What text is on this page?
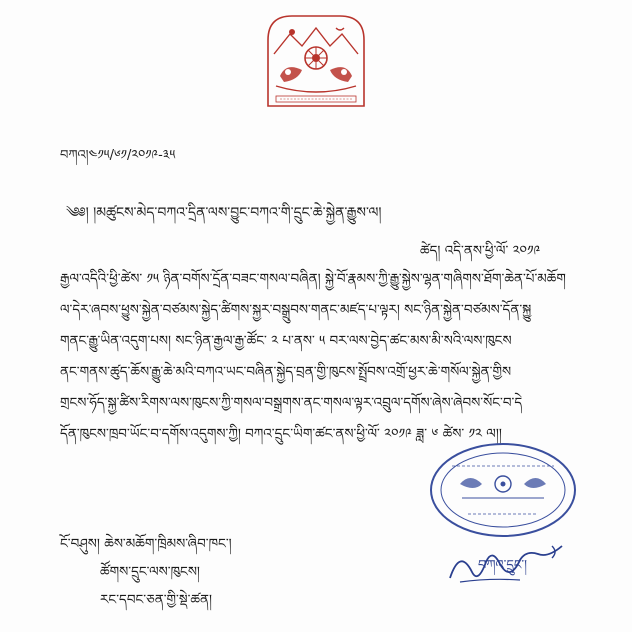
བཀའ།༤༡༥/༦༡/༢༠༡༩-༣༥
༄༅། །མཚུངས་མེད་བཀའ་དྲིན་ལས་བྱུང་བཀའ་གི་དྲུང་ཆེ་སྐྱེན་རྒྱུས་ལ།
ཚེད། འདི་ནས་ཕྱི་ལོ་ ༢༠༡༩
རྒྱལ་འདིའི་ཕྱི་ཚེས་ ༡༥ ཉིན་བགོས་དྲོན་བཟང་གསལ་བཞིན། སྐྱེ་བོ་རྣམས་ཀྱི་རྒྱུ་སྐྱེས་ལྷན་གཞིགས་ཐོག་ཆེན་པོ་མཆོག
ལ་དེར་ཞབས་ཕྱུས་སྐྱེན་བཙམས་སྐྱེད་ཚིགས་སྐྱར་བསྒྲུབས་གནང་མཛད་པ་ལྟར། སང་ཉིན་སྐྱེན་བཙམས་དོན་སྐྱུ
གནང་རྒྱུ་ཡིན་འདུག་པས། སང་ཉིན་རྒྱལ་རྒྱ་ཚོང་ ༢ པ་ནས་ ༥ བར་ལས་བྱེད་ཚང་མས་མི་སའི་ལས་ཁུངས
ནང་གནས་ཚུད་ཆོས་རྒྱུ་ཆེ་མའི་བཀའ་ཡང་བཞིན་སྐྱེད་བྲན་གྱི་ཁུངས་སྤྲོབས་འགྲོ་ཕྱར་ཆེ་གསོལ་སྐྱེན་གྱིས
གྲངས་ཧོད་སྐྱ་ཚིས་རིགས་ལས་ཁུངས་ཀྱི་གསལ་བསྒྲགས་ནང་གསལ་ལྟར་འབྲུལ་དགོས་ཞེས་ཞེབས་སོང་བ་དེ
དོན་ཁུངས་ཁྲབ་ཡོང་བ་དགོས་འདུགས་ཀྱི། བཀའ་དྲུང་ཡིག་ཚང་ནས་ཕྱི་ལོ་ ༢༠༡༩ ཟླ་ ༦ ཚེས་ ༡༢ ལ།།
བཀའ་དྲུང་།
ངོ་བཤུས། ཆེས་མཆོག་ཁྲིམས་ཞིབ་ཁང་།
ཚོགས་དྲུང་ལས་ཁུངས།
རང་དབང་ཅན་གྱི་སྡེ་ཚན།
